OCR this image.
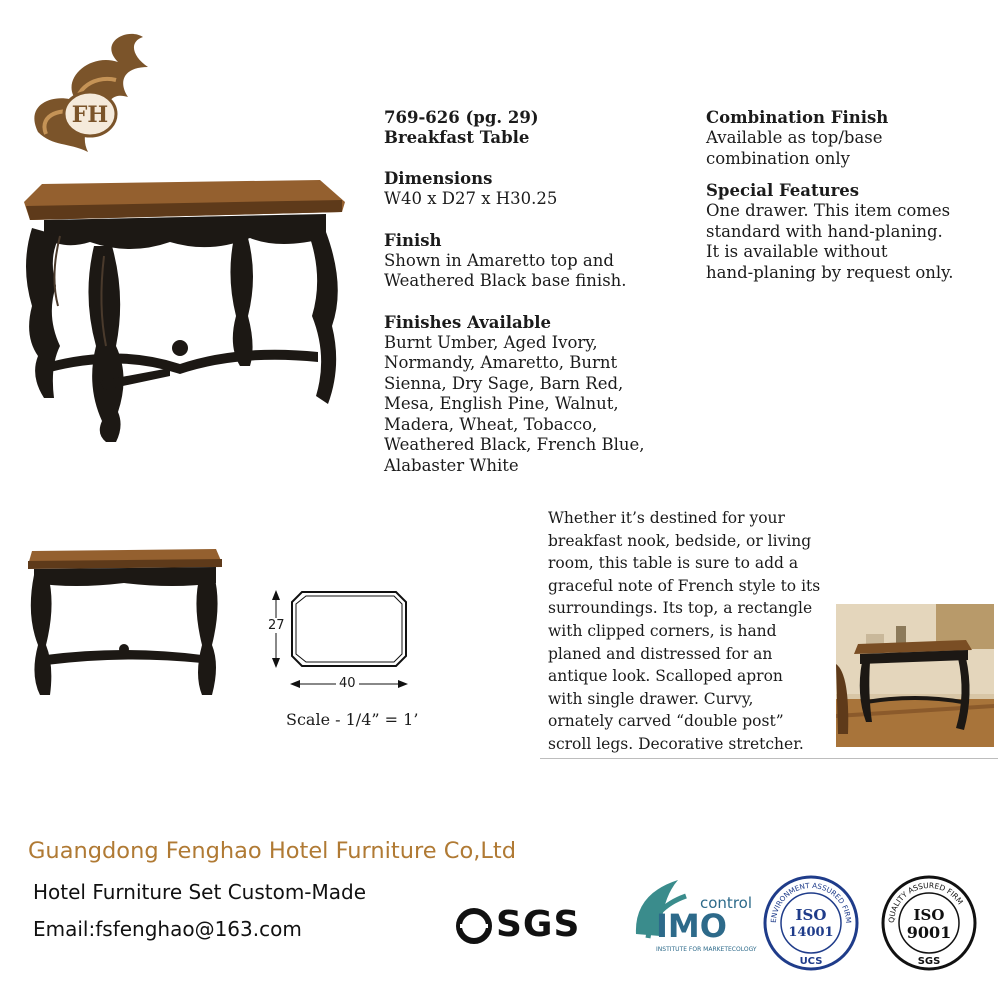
FH	769-626 (pg. 29)
Breakfast Table
Dimensions
W40 x D27 x H30.25
Finish
Shown in Amaretto top and
Weathered Black base finish.
Finishes Available
Burnt Umber, Aged Ivory,
Normandy, Amaretto, Burnt
Sienna, Dry Sage, Barn Red,
Mesa, English Pine, Walnut,
Madera, Wheat, Tobacco,
Weathered Black, French Blue,
Alabaster White
Combination Finish
Available as top/base
combination only
Special Features
One drawer. This item comes
standard with hand-planing.
It is available without
hand-planing by request only.
27
40
Scale - 1/4” = 1’
Whether it’s destined for your
breakfast nook, bedside, or living
room, this table is sure to add a
graceful note of French style to its
surroundings. Its top, a rectangle
with clipped corners, is hand
planed and distressed for an
antique look. Scalloped apron
with single drawer. Curvy,
ornately carved “double post”
scroll legs. Decorative stretcher.
Guangdong Fenghao Hotel Furniture Co,Ltd
Hotel Furniture Set Custom-Made
Email:fsfenghao@163.com	SGS
control
IMO
INSTITUTE FOR MARKETECOLOGY
ENVIRONMENT ASSURED FIRM
ISO
14001
UCS
QUALITY ASSURED FIRM
ISO
9001
SGS
